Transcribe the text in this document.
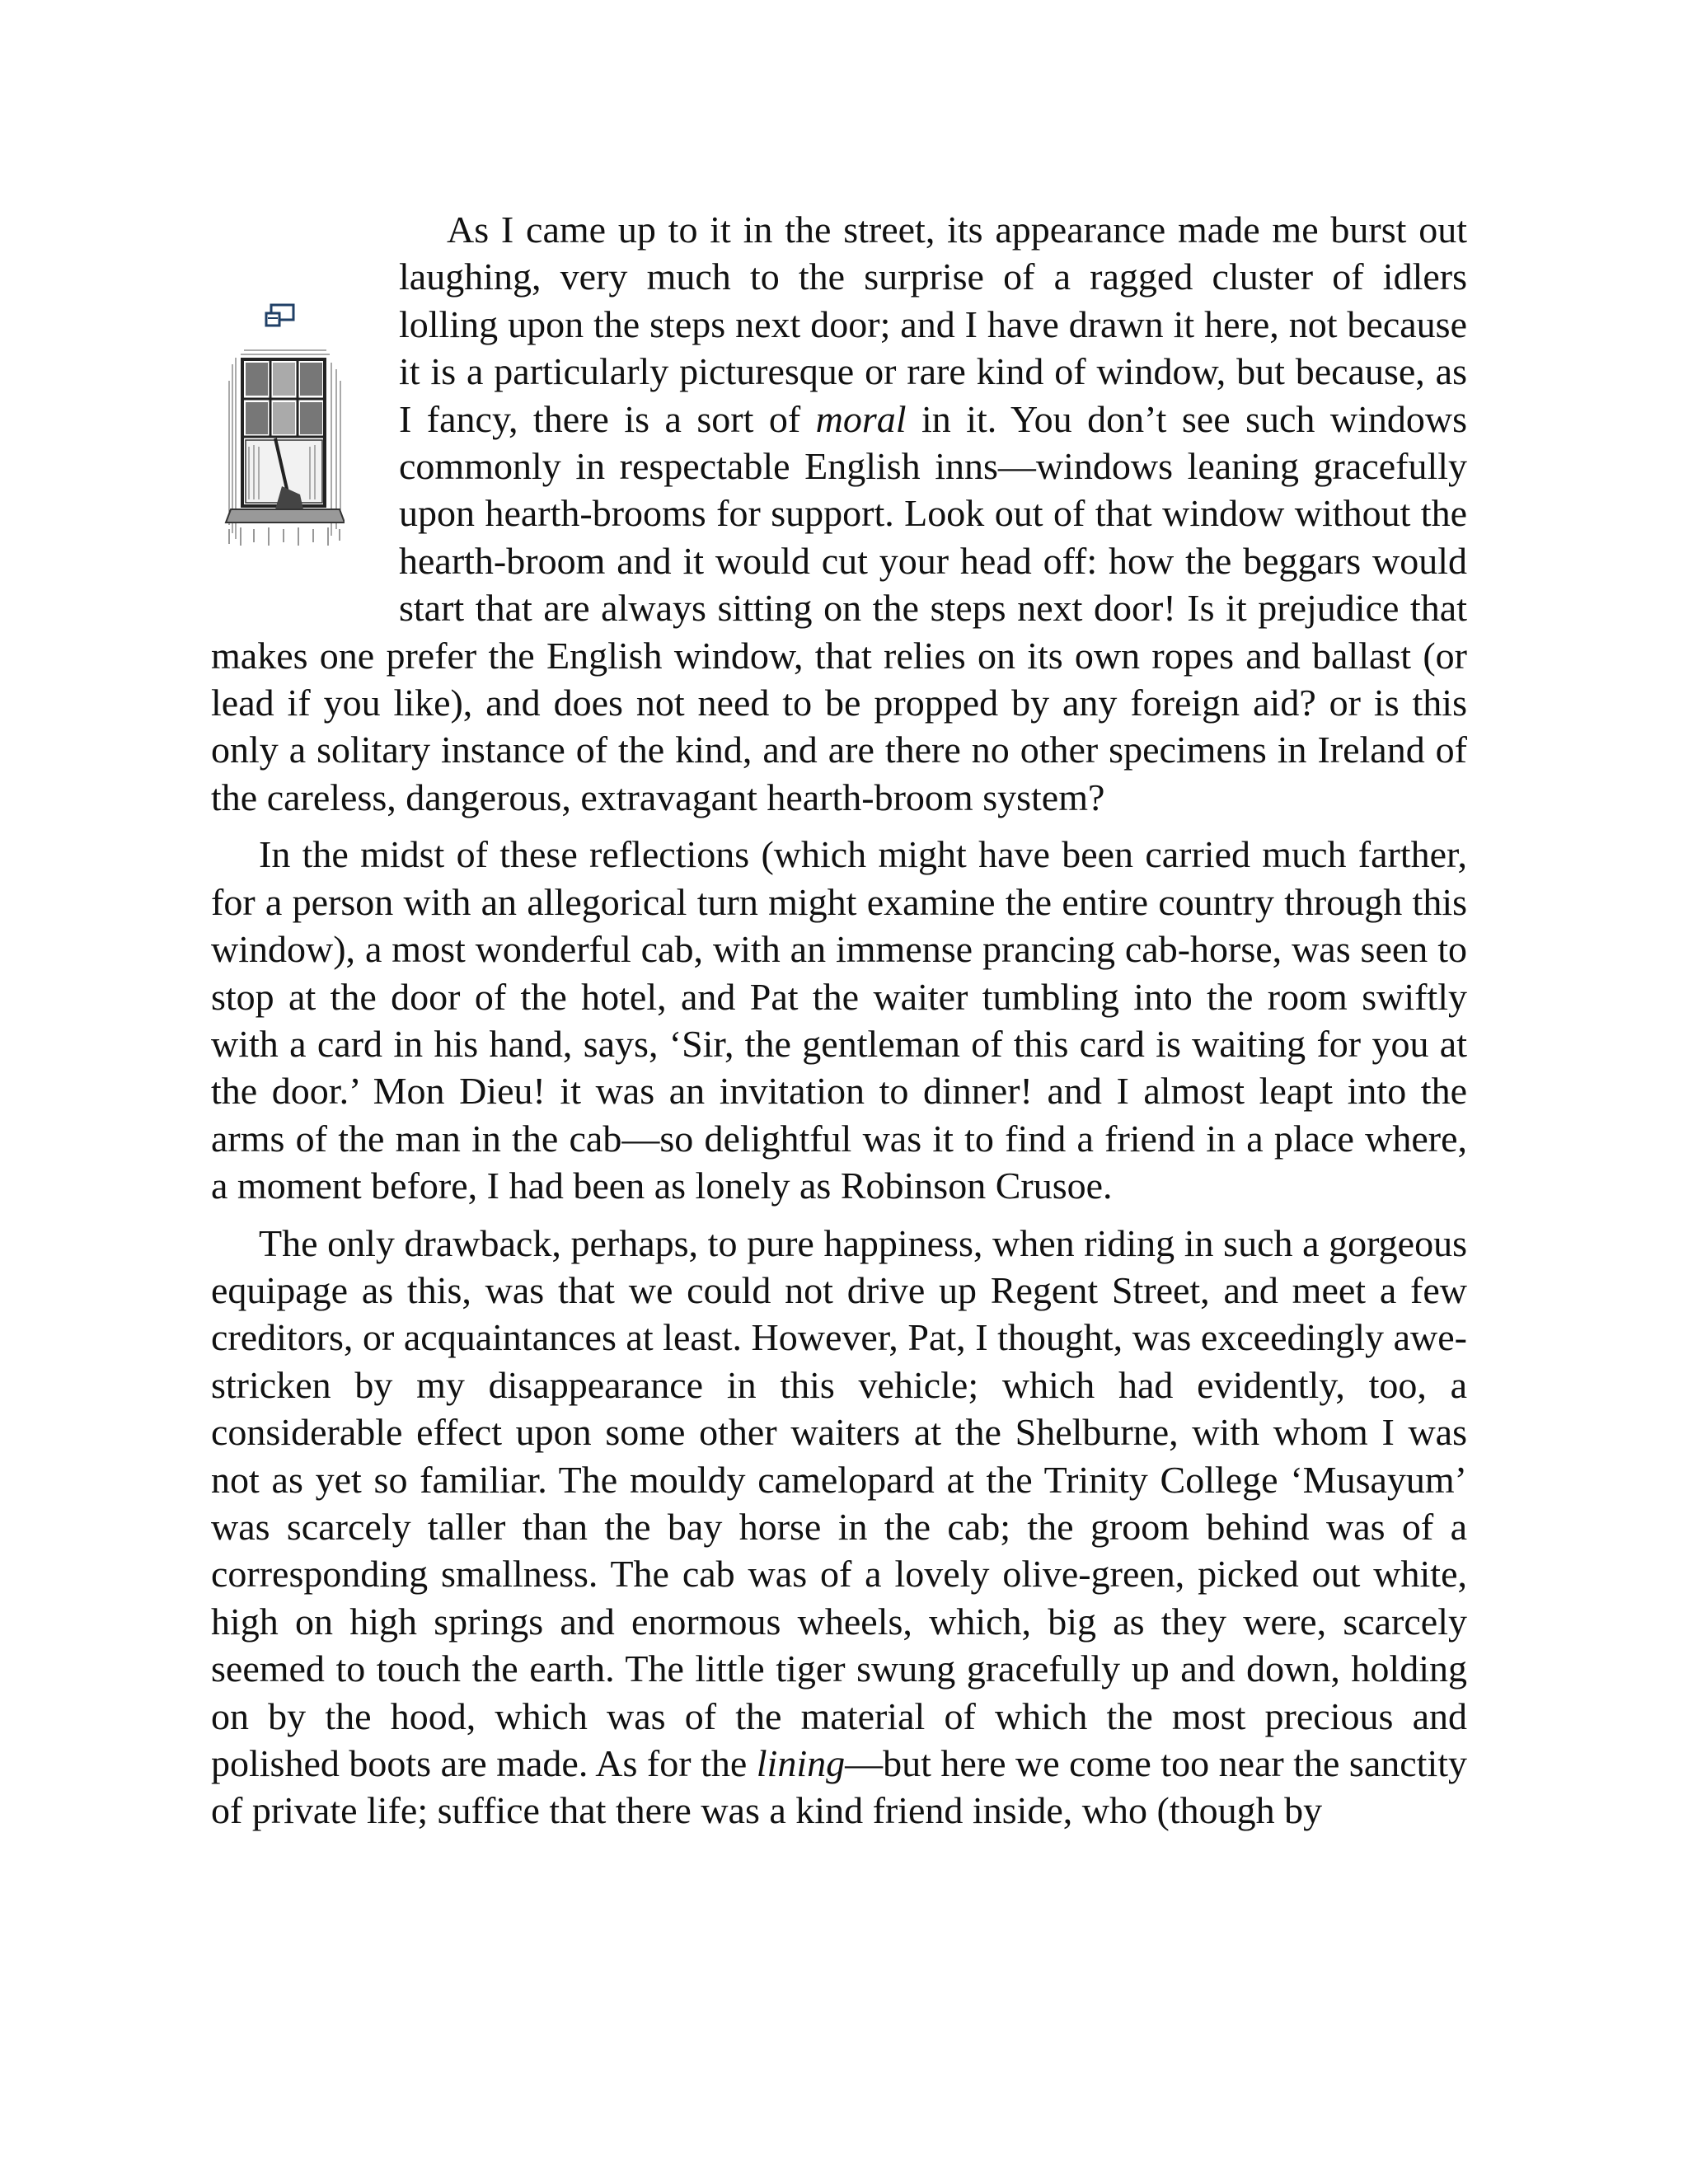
As I came up to it in the street, its appearance made me burst out laughing, very much to the surprise of a ragged cluster of idlers lolling upon the steps next door; and I have drawn it here, not because it is a particularly picturesque or rare kind of window, but because, as I fancy, there is a sort of moral in it. You don’t see such windows commonly in respectable English inns—windows leaning gracefully upon hearth-brooms for support. Look out of that window without the hearth-broom and it would cut your head off: how the beggars would start that are always sitting on the steps next door! Is it prejudice that makes one prefer the English window, that relies on its own ropes and ballast (or lead if you like), and does not need to be propped by any foreign aid? or is this only a solitary instance of the kind, and are there no other specimens in Ireland of the careless, dangerous, extravagant hearth-broom system?

In the midst of these reflections (which might have been carried much farther, for a person with an allegorical turn might examine the entire country through this window), a most wonderful cab, with an immense prancing cab-horse, was seen to stop at the door of the hotel, and Pat the waiter tumbling into the room swiftly with a card in his hand, says, ‘Sir, the gentleman of this card is waiting for you at the door.’ Mon Dieu! it was an invitation to dinner! and I almost leapt into the arms of the man in the cab—so delightful was it to find a friend in a place where, a moment before, I had been as lonely as Robinson Crusoe.

The only drawback, perhaps, to pure happiness, when riding in such a gorgeous equipage as this, was that we could not drive up Regent Street, and meet a few creditors, or acquaintances at least. However, Pat, I thought, was exceedingly awe-stricken by my disappearance in this vehicle; which had evidently, too, a considerable effect upon some other waiters at the Shelburne, with whom I was not as yet so familiar. The mouldy camelopard at the Trinity College ‘Musayum’ was scarcely taller than the bay horse in the cab; the groom behind was of a corresponding smallness. The cab was of a lovely olive-green, picked out white, high on high springs and enormous wheels, which, big as they were, scarcely seemed to touch the earth. The little tiger swung gracefully up and down, holding on by the hood, which was of the material of which the most precious and polished boots are made. As for the lining—but here we come too near the sanctity of private life; suffice that there was a kind friend inside, who (though by
